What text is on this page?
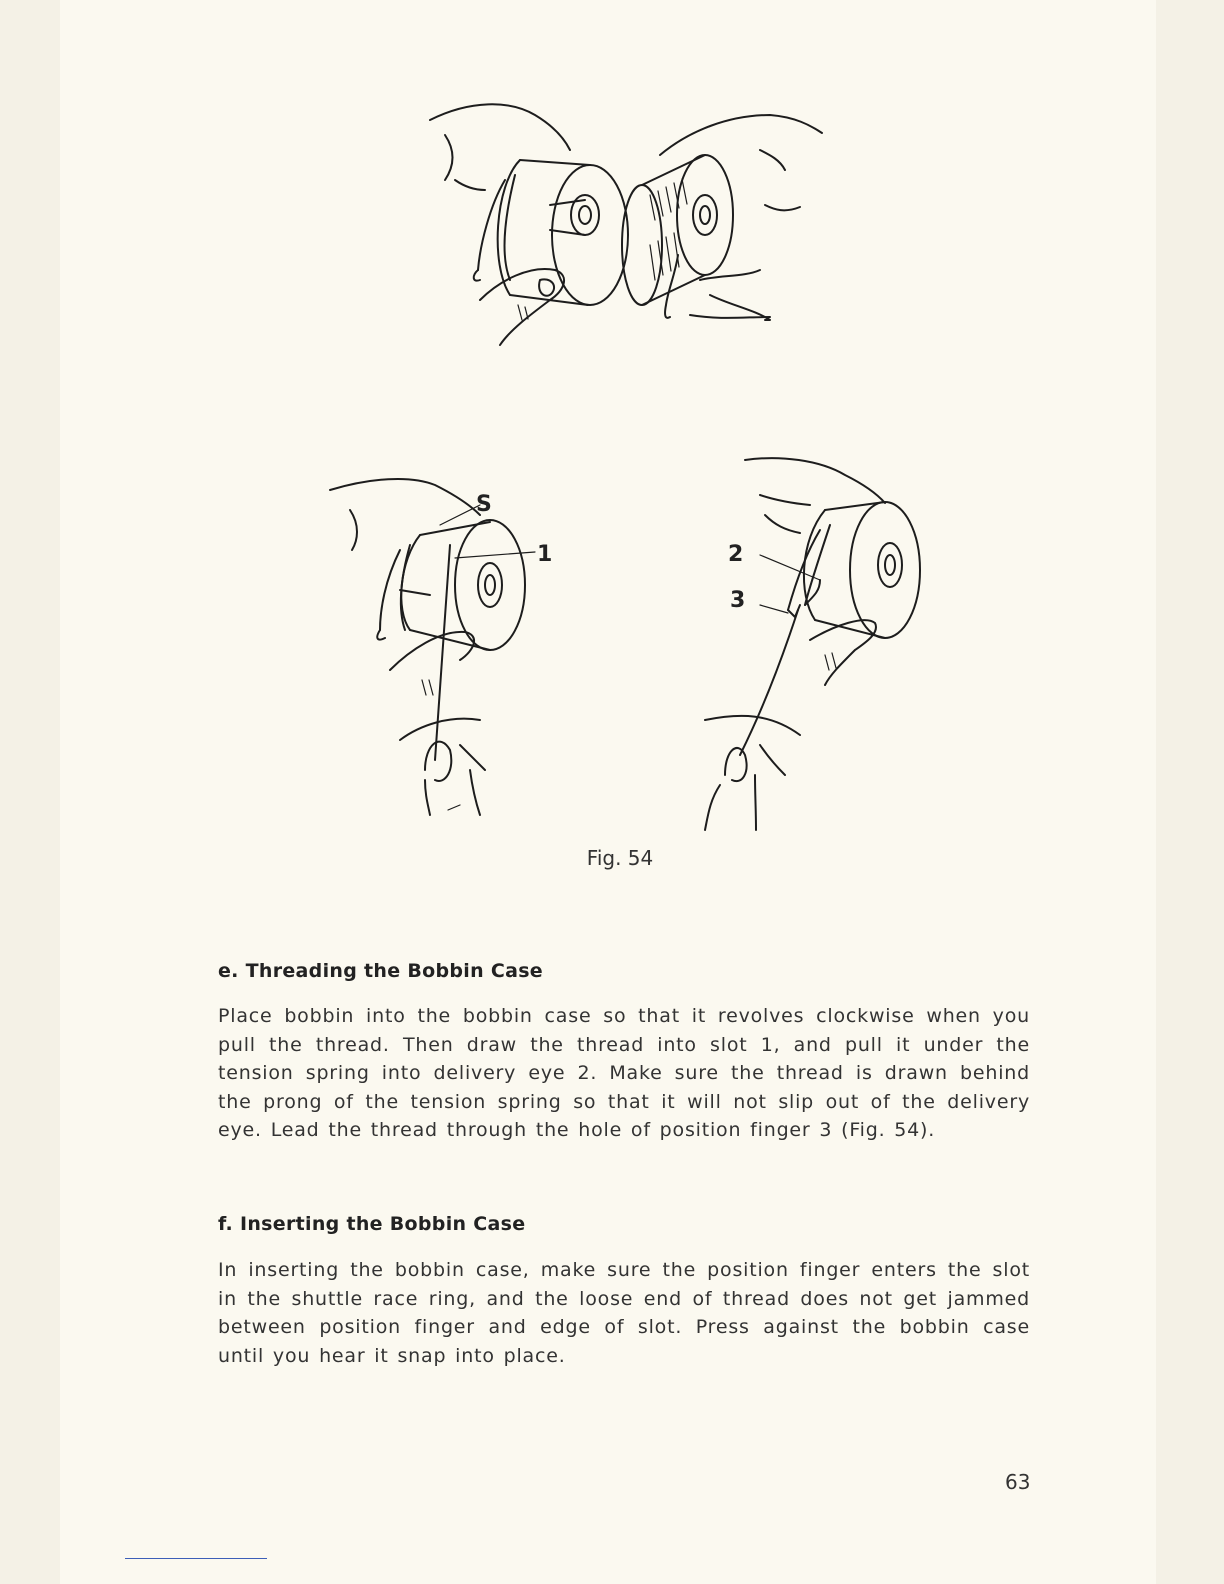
S
1	2
3
Fig. 54
e. Threading the Bobbin Case
Place bobbin into the bobbin case so that it revolves clockwise when you pull the thread. Then draw the thread into slot 1, and pull it under the tension spring into delivery eye 2. Make sure the thread is drawn behind the prong of the tension spring so that it will not slip out of the delivery eye. Lead the thread through the hole of position finger 3 (Fig. 54).
f. Inserting the Bobbin Case
In inserting the bobbin case, make sure the position finger enters the slot in the shuttle race ring, and the loose end of thread does not get jammed between position finger and edge of slot. Press against the bobbin case until you hear it snap into place.
63
